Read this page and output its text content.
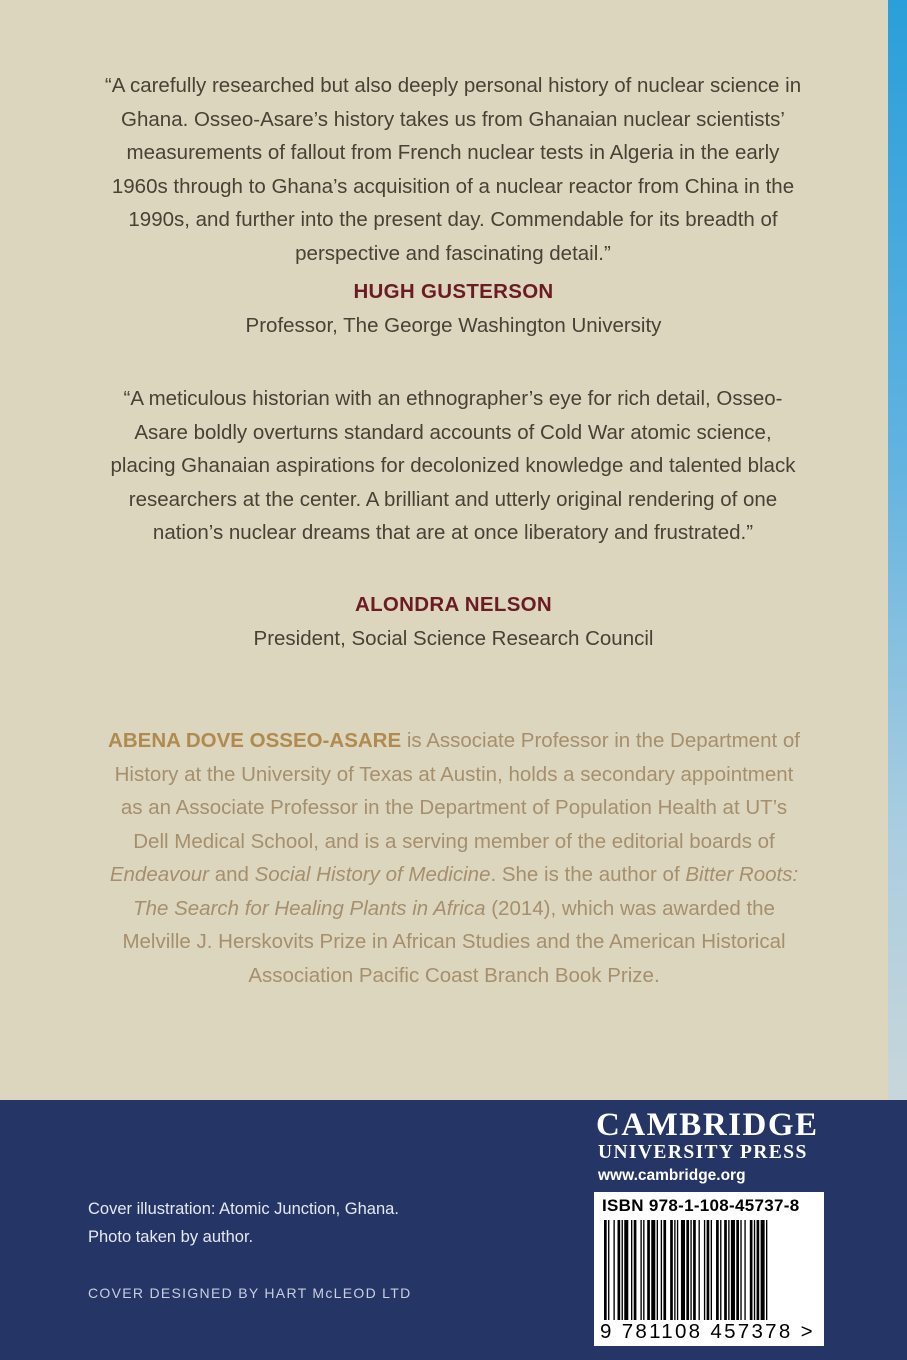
“A carefully researched but also deeply personal history of nuclear science in Ghana. Osseo-Asare’s history takes us from Ghanaian nuclear scientists’ measurements of fallout from French nuclear tests in Algeria in the early 1960s through to Ghana’s acquisition of a nuclear reactor from China in the 1990s, and further into the present day. Commendable for its breadth of perspective and fascinating detail.”
HUGH GUSTERSON
Professor, The George Washington University
“A meticulous historian with an ethnographer’s eye for rich detail, Osseo-Asare boldly overturns standard accounts of Cold War atomic science, placing Ghanaian aspirations for decolonized knowledge and talented black researchers at the center. A brilliant and utterly original rendering of one nation’s nuclear dreams that are at once liberatory and frustrated.”
ALONDRA NELSON
President, Social Science Research Council
ABENA DOVE OSSEO-ASARE is Associate Professor in the Department of History at the University of Texas at Austin, holds a secondary appointment as an Associate Professor in the Department of Population Health at UT’s Dell Medical School, and is a serving member of the editorial boards of Endeavour and Social History of Medicine. She is the author of Bitter Roots: The Search for Healing Plants in Africa (2014), which was awarded the Melville J. Herskovits Prize in African Studies and the American Historical Association Pacific Coast Branch Book Prize.
Cover illustration: Atomic Junction, Ghana.
Photo taken by author.
COVER DESIGNED BY HART McLEOD LTD
CAMBRIDGE
UNIVERSITY PRESS
www.cambridge.org
ISBN 978-1-108-45737-8
9 781108 457378 >
